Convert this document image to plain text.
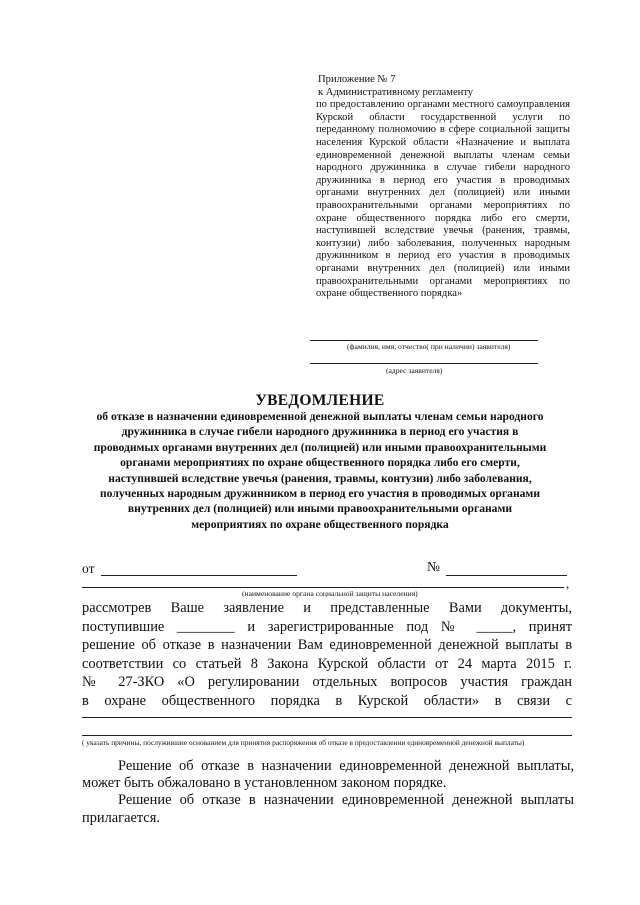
Приложение № 7
к Административному регламенту
по предоставлению органами местного самоуправления Курской области государственной услуги по переданному полномочию в сфере социальной защиты населения Курской области «Назначение и выплата единовременной денежной выплаты членам семьи народного дружинника в случае гибели народного дружинника в период его участия в проводимых органами внутренних дел (полицией) или иными правоохранительными органами мероприятиях по охране общественного порядка либо его смерти, наступившей вследствие увечья (ранения, травмы, контузии) либо заболевания, полученных народным дружинником в период его участия в проводимых органами внутренних дел (полицией) или иными правоохранительными органами мероприятиях по охране общественного порядка»
(фамилия, имя, отчество( при наличии) заявителя)
(адрес заявителя)
УВЕДОМЛЕНИЕ
об отказе в назначении единовременной денежной выплаты членам семьи народного дружинника в случае гибели народного дружинника в период его участия в проводимых органами внутренних дел (полицией) или иными правоохранительными органами мероприятиях по охране общественного порядка либо его смерти, наступившей вследствие увечья (ранения, травмы, контузии) либо заболевания, полученных народным дружинником в период его участия в проводимых органами внутренних дел (полицией) или иными правоохранительными органами мероприятиях по охране общественного порядка
от	№
,
(наименование органа социальной защиты населения)
рассмотрев Ваше заявление и представленные Вами документы,
поступившие ________ и зарегистрированные под № _____, принят
решение об отказе в назначении Вам единовременной денежной выплаты в
соответствии со статьей 8 Закона Курской области от 24 марта 2015 г.
№ 27-ЗКО «О регулировании отдельных вопросов участия граждан
в охране общественного порядка в Курской области» в связи с
( указать причины, послужившие основанием для принятия распоряжения об отказе в предоставлении единовременной денежной выплаты)

Решение об отказе в назначении единовременной денежной выплаты, может быть обжаловано в установленном законом порядке.

Решение об отказе в назначении единовременной денежной выплаты прилагается.
